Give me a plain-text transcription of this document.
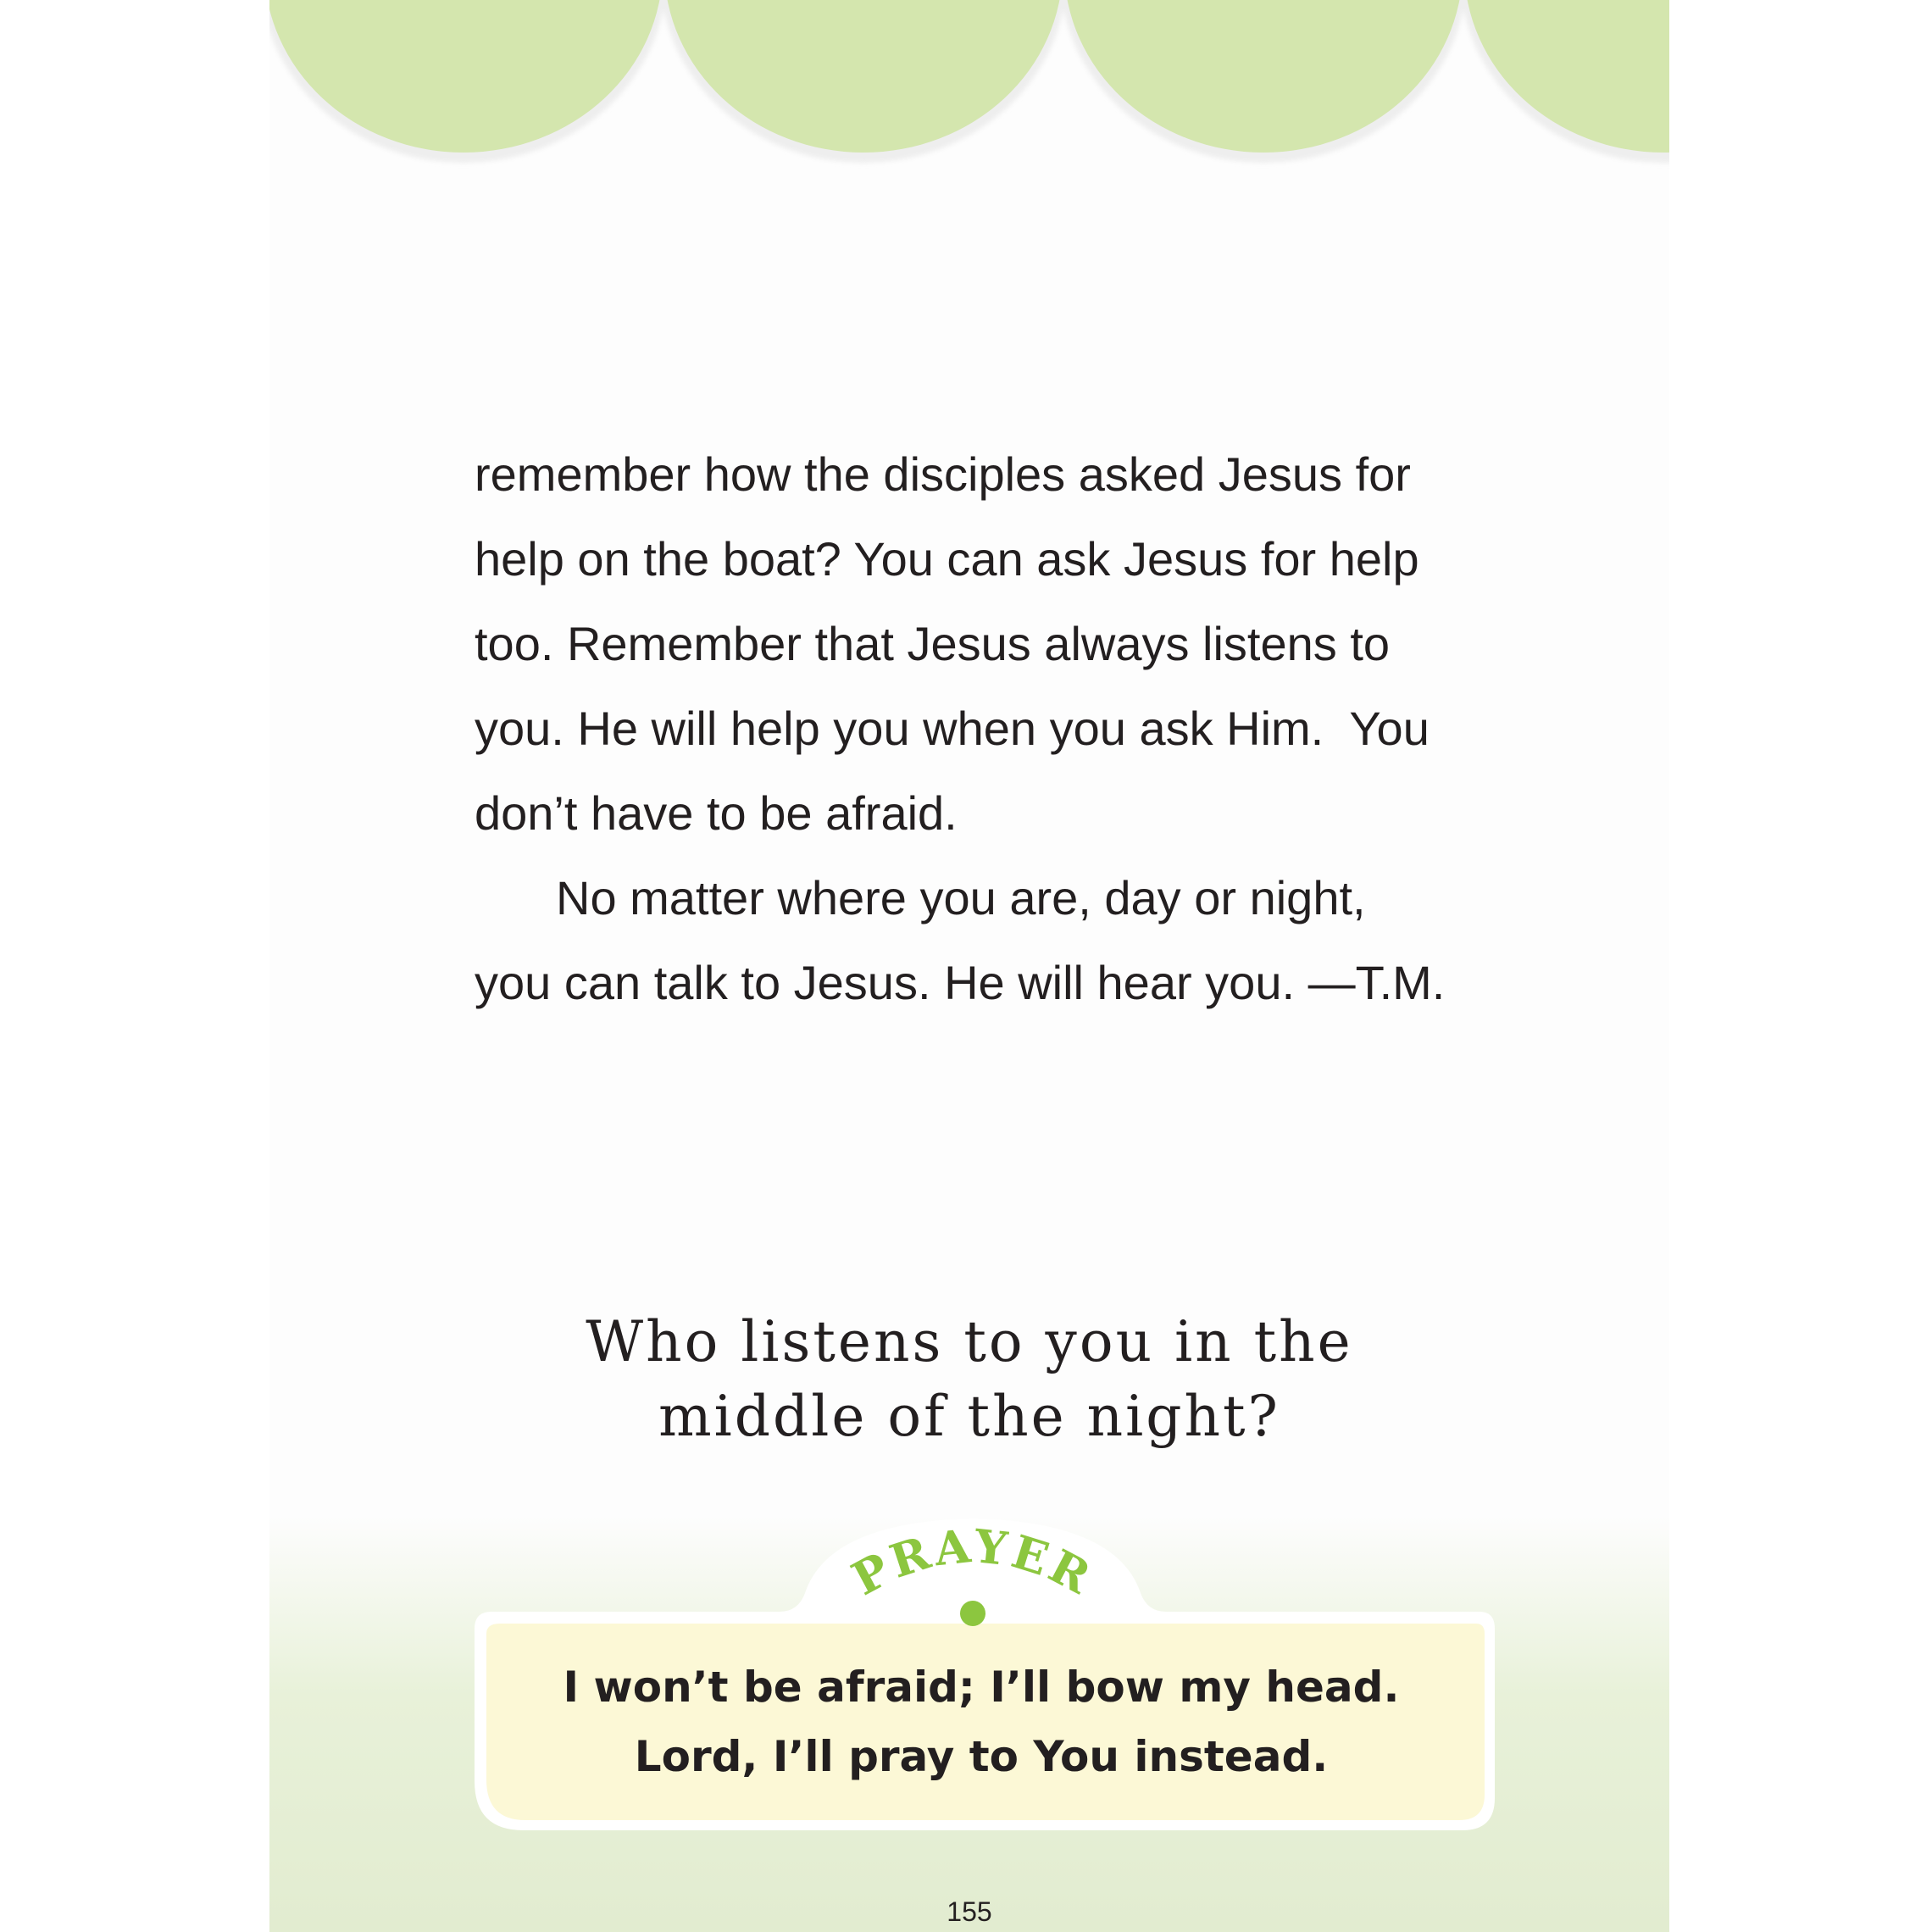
remember how the disciples asked Jesus for

help on the boat? You can ask Jesus for help

too. Remember that Jesus always listens to

you. He will help you when you ask Him.  You

don’t have to be afraid.

No matter where you are, day or night,

you can talk to Jesus. He will hear you. —T.M.

Who listens to you in the
middle of the night?
PRAYER
I won’t be afraid; I’ll bow my head.
Lord, I’ll pray to You instead.
155
